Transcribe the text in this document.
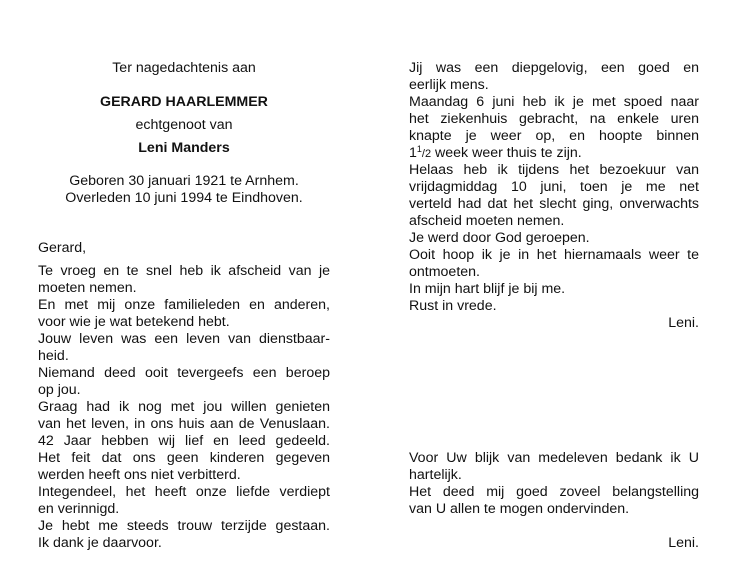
Ter nagedachtenis aan
GERARD HAARLEMMER
echtgenoot van
Leni Manders
Geboren 30 januari 1921 te Arnhem.
Overleden 10 juni 1994 te Eindhoven.
Gerard,
Te vroeg en te snel heb ik afscheid van je
moeten nemen.
En met mij onze familieleden en anderen,
voor wie je wat betekend hebt.
Jouw leven was een leven van dienstbaar-
heid.
Niemand deed ooit tevergeefs een beroep
op jou.
Graag had ik nog met jou willen genieten
van het leven, in ons huis aan de Venuslaan.
42 Jaar hebben wij lief en leed gedeeld.
Het feit dat ons geen kinderen gegeven
werden heeft ons niet verbitterd.
Integendeel, het heeft onze liefde verdiept
en verinnigd.
Je hebt me steeds trouw terzijde gestaan.
Ik dank je daarvoor.
Jij was een diepgelovig, een goed en
eerlijk mens.
Maandag 6 juni heb ik je met spoed naar
het ziekenhuis gebracht, na enkele uren
knapte je weer op, en hoopte binnen
$1^1/2$ week weer thuis te zijn.
Helaas heb ik tijdens het bezoekuur van
vrijdagmiddag 10 juni, toen je me net
verteld had dat het slecht ging, onverwachts
afscheid moeten nemen.
Je werd door God geroepen.
Ooit hoop ik je in het hiernamaals weer te
ontmoeten.
In mijn hart blijf je bij me.
Rust in vrede.
Leni.
Voor Uw blijk van medeleven bedank ik U
hartelijk.
Het deed mij goed zoveel belangstelling
van U allen te mogen ondervinden.
Leni.
